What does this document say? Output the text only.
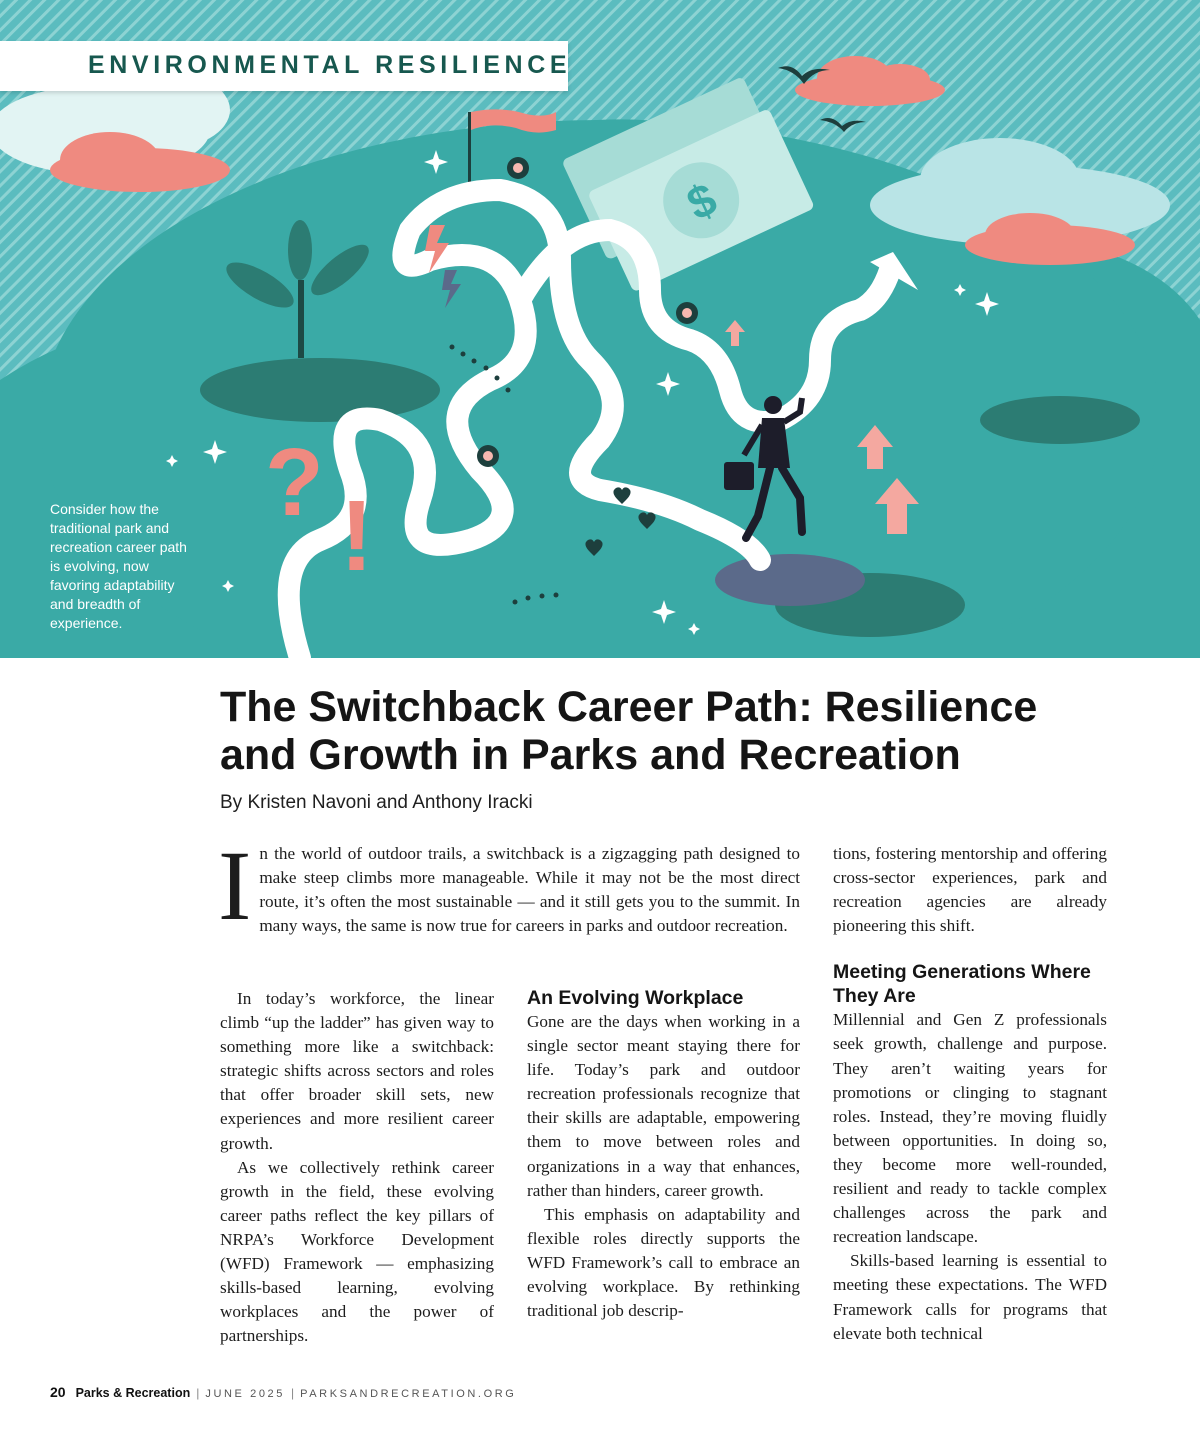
$
? !
ENVIRONMENTAL RESILIENCE
Consider how the traditional park and recreation career path is evolving, now favoring adaptability and breadth of experience.
The Switchback Career Path: Resilience and Growth in Parks and Recreation
By Kristen Navoni and Anthony Iracki

In the world of outdoor trails, a switchback is a zigzagging path designed to make steep climbs more manageable. While it may not be the most direct route, it’s often the most sustainable — and it still gets you to the summit. In many ways, the same is now true for careers in parks and outdoor recreation.

In today’s workforce, the linear climb “up the ladder” has given way to something more like a switchback: strategic shifts across sectors and roles that offer broader skill sets, new experiences and more resilient career growth.

As we collectively rethink career growth in the field, these evolving career paths reflect the key pillars of NRPA’s Workforce Development (WFD) Framework — emphasizing skills-based learning, evolving workplaces and the power of partnerships.

An Evolving Workplace

Gone are the days when working in a single sector meant staying there for life. Today’s park and outdoor recreation professionals recognize that their skills are adaptable, empowering them to move between roles and organizations in a way that enhances, rather than hinders, career growth.

This emphasis on adaptability and flexible roles directly supports the WFD Framework’s call to embrace an evolving workplace. By rethinking traditional job descrip-

tions, fostering mentorship and offering cross-sector experiences, park and recreation agencies are already pioneering this shift.

Meeting Generations Where They Are

Millennial and Gen Z professionals seek growth, challenge and purpose. They aren’t waiting years for promotions or clinging to stagnant roles. Instead, they’re moving fluidly between opportunities. In doing so, they become more well-rounded, resilient and ready to tackle complex challenges across the park and recreation landscape.

Skills-based learning is essential to meeting these expectations. The WFD Framework calls for programs that elevate both technical

20 Parks & Recreation | JUNE 2025 | PARKSANDRECREATION.ORG
